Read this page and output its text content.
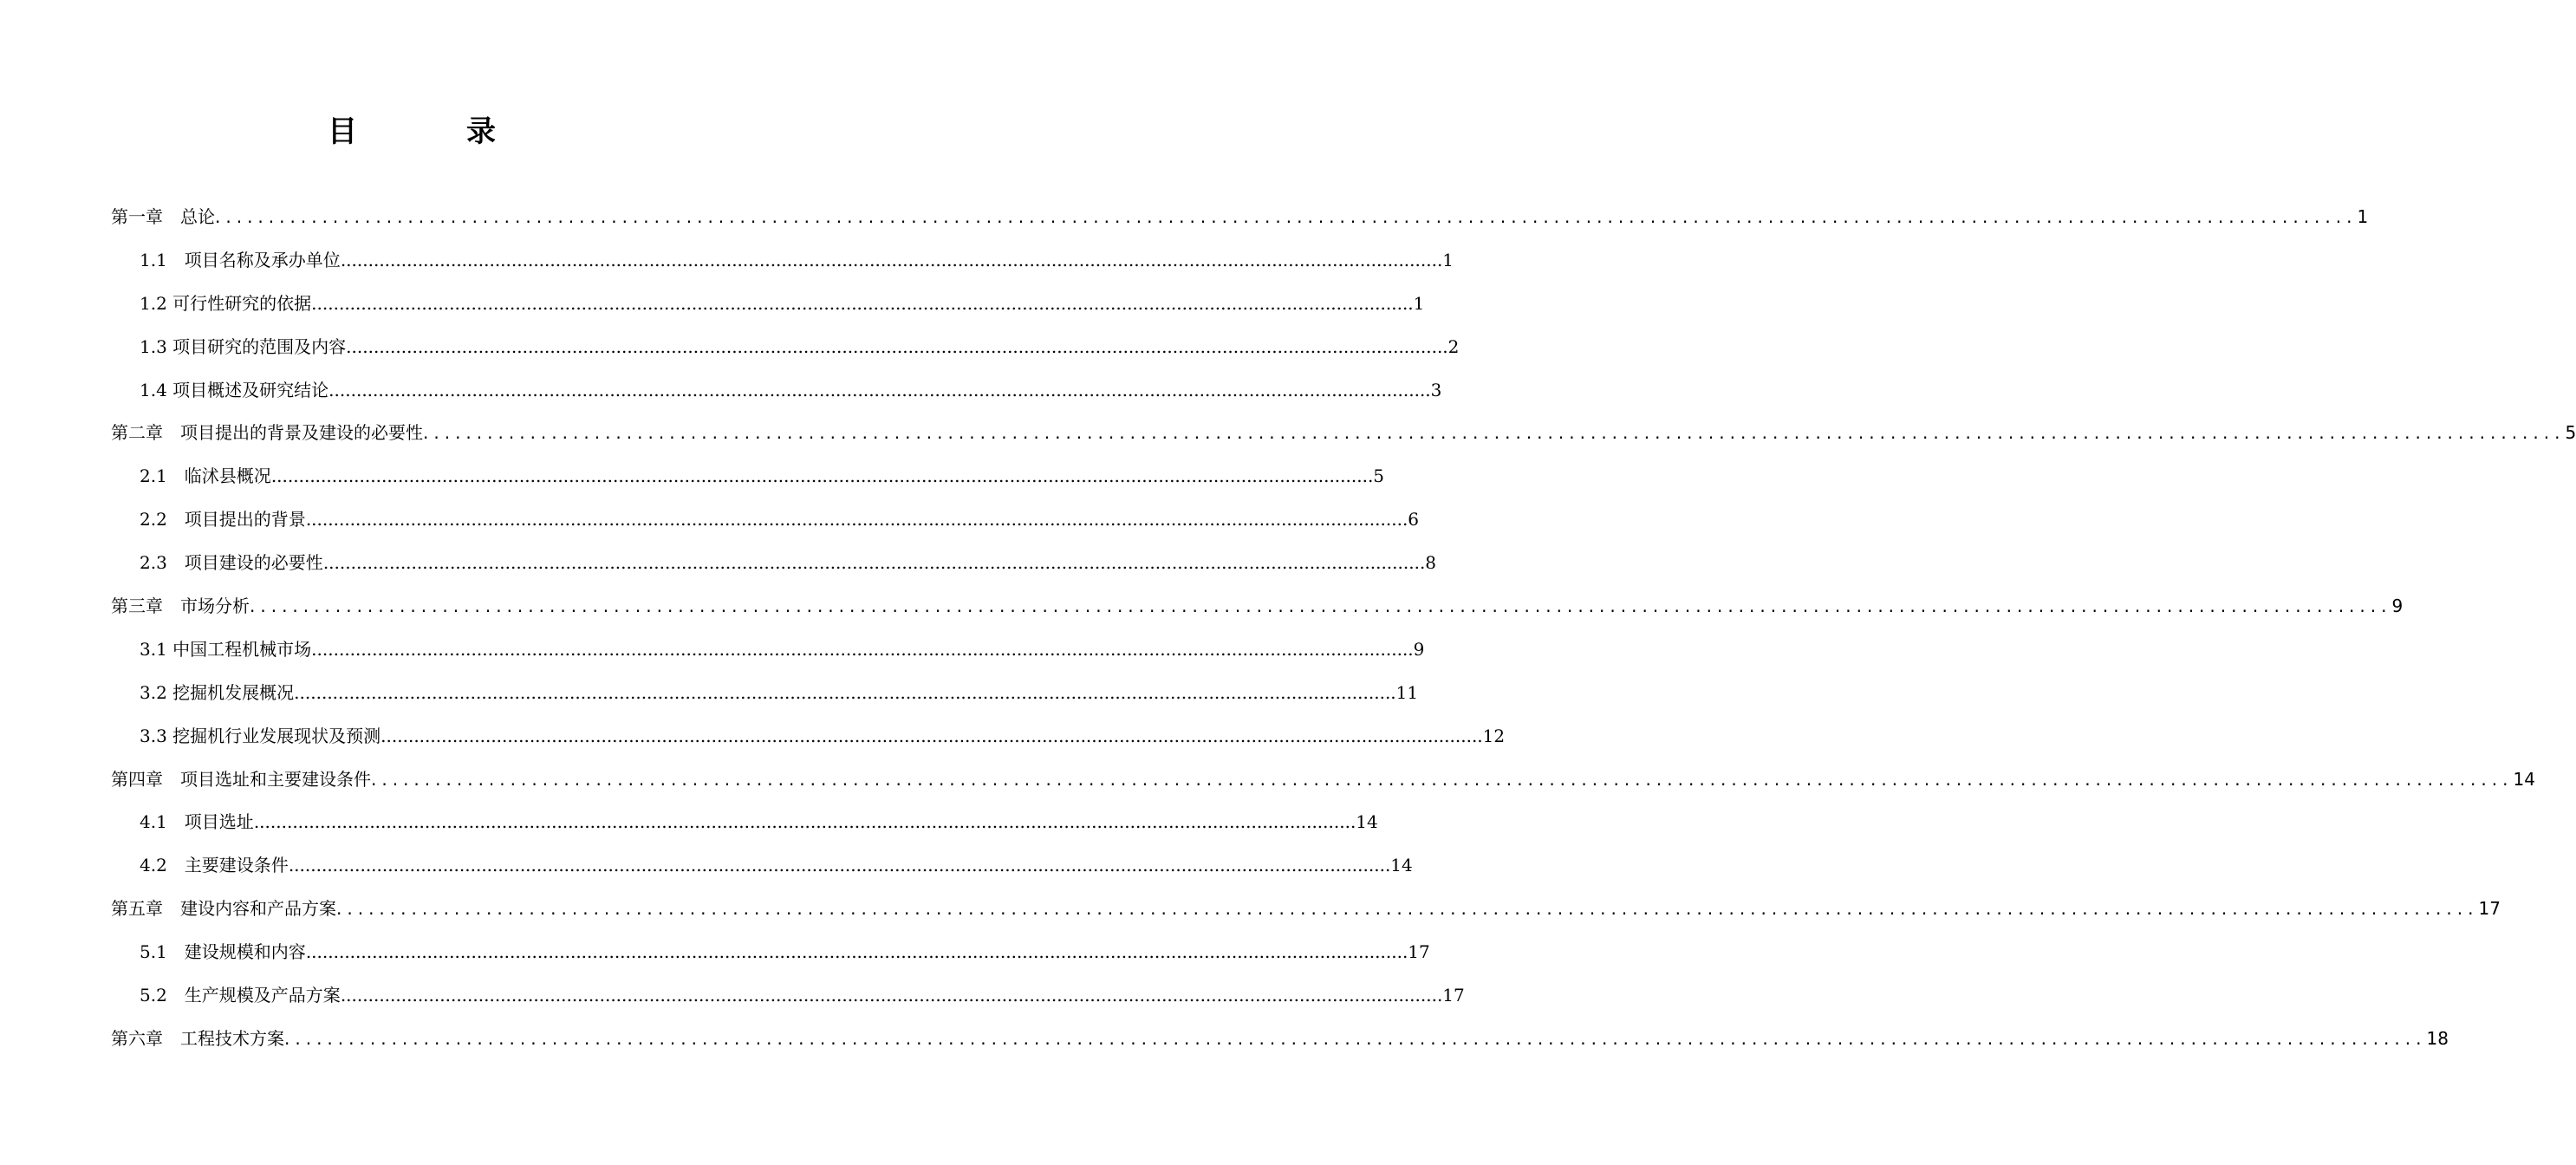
目　录
第一章　总论 ........................................................................................................................................................................................................ 1
1.1　项目名称及承办单位 ........................................................................................................................................................................................................ 1
1.2 可行性研究的依据 ........................................................................................................................................................................................................ 1
1.3 项目研究的范围及内容 ........................................................................................................................................................................................................ 2
1.4 项目概述及研究结论 ........................................................................................................................................................................................................ 3
第二章　项目提出的背景及建设的必要性 ........................................................................................................................................................................................................ 5
2.1　临沭县概况 ........................................................................................................................................................................................................ 5
2.2　项目提出的背景 ........................................................................................................................................................................................................ 6
2.3　项目建设的必要性 ........................................................................................................................................................................................................ 8
第三章　市场分析 ........................................................................................................................................................................................................ 9
3.1 中国工程机械市场 ........................................................................................................................................................................................................ 9
3.2 挖掘机发展概况 ........................................................................................................................................................................................................ 11
3.3 挖掘机行业发展现状及预测 ........................................................................................................................................................................................................ 12
第四章　项目选址和主要建设条件 ........................................................................................................................................................................................................ 14
4.1　项目选址 ........................................................................................................................................................................................................ 14
4.2　主要建设条件 ........................................................................................................................................................................................................ 14
第五章　建设内容和产品方案 ........................................................................................................................................................................................................ 17
5.1　建设规模和内容 ........................................................................................................................................................................................................ 17
5.2　生产规模及产品方案 ........................................................................................................................................................................................................ 17
第六章　工程技术方案 ........................................................................................................................................................................................................ 18
